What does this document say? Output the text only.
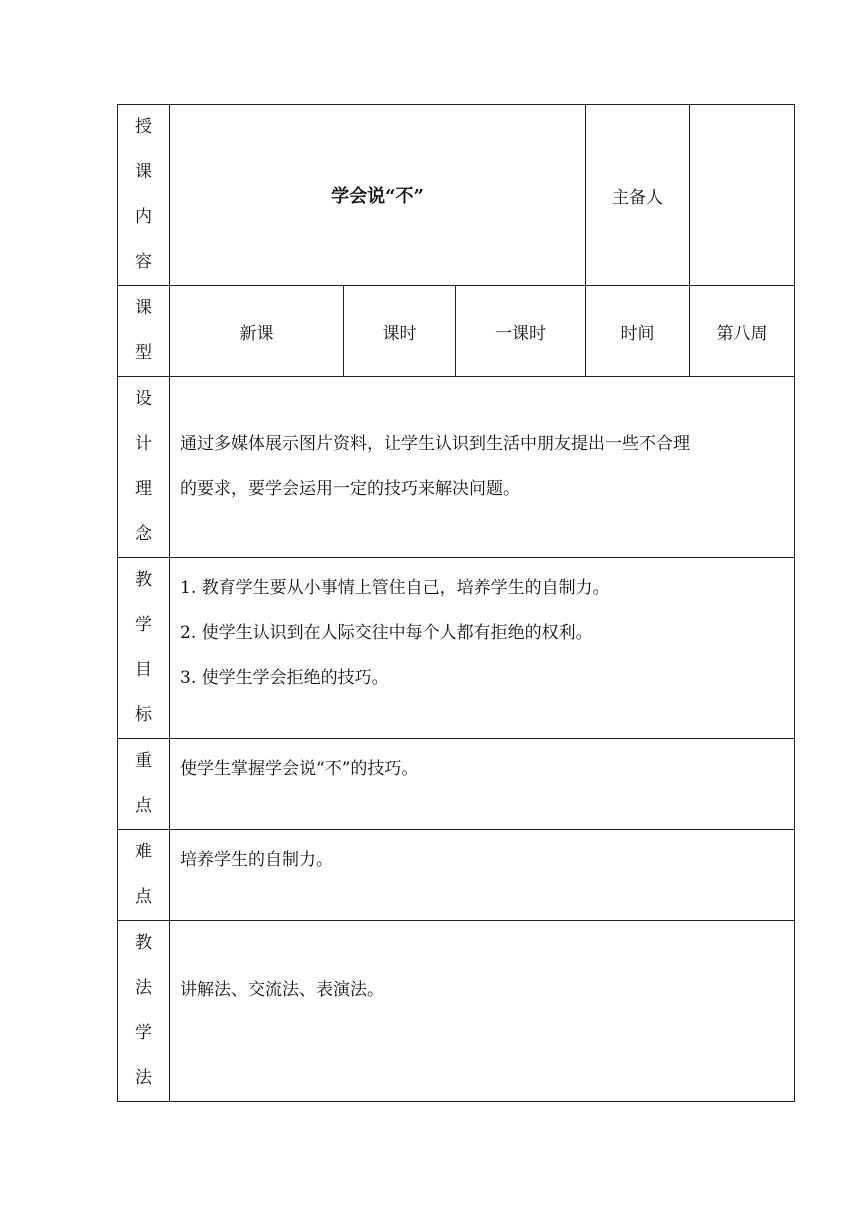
授
课
内
容	学会说“不”			主备人	

课
型	新课	课时	一课时	时间	第八周

设
计
理
念	通过多媒体展示图片资料，让学生认识到生活中朋友提出一些不合理
的要求，要学会运用一定的技巧来解决问题。				

教
学
目
标	1. 教育学生要从小事情上管住自己，培养学生的自制力。
2. 使学生认识到在人际交往中每个人都有拒绝的权利。
3. 使学生学会拒绝的技巧。				

重
点	使学生掌握学会说“不”的技巧。				

难
点	培养学生的自制力。				

教
法
学
法	讲解法、交流法、表演法。				
